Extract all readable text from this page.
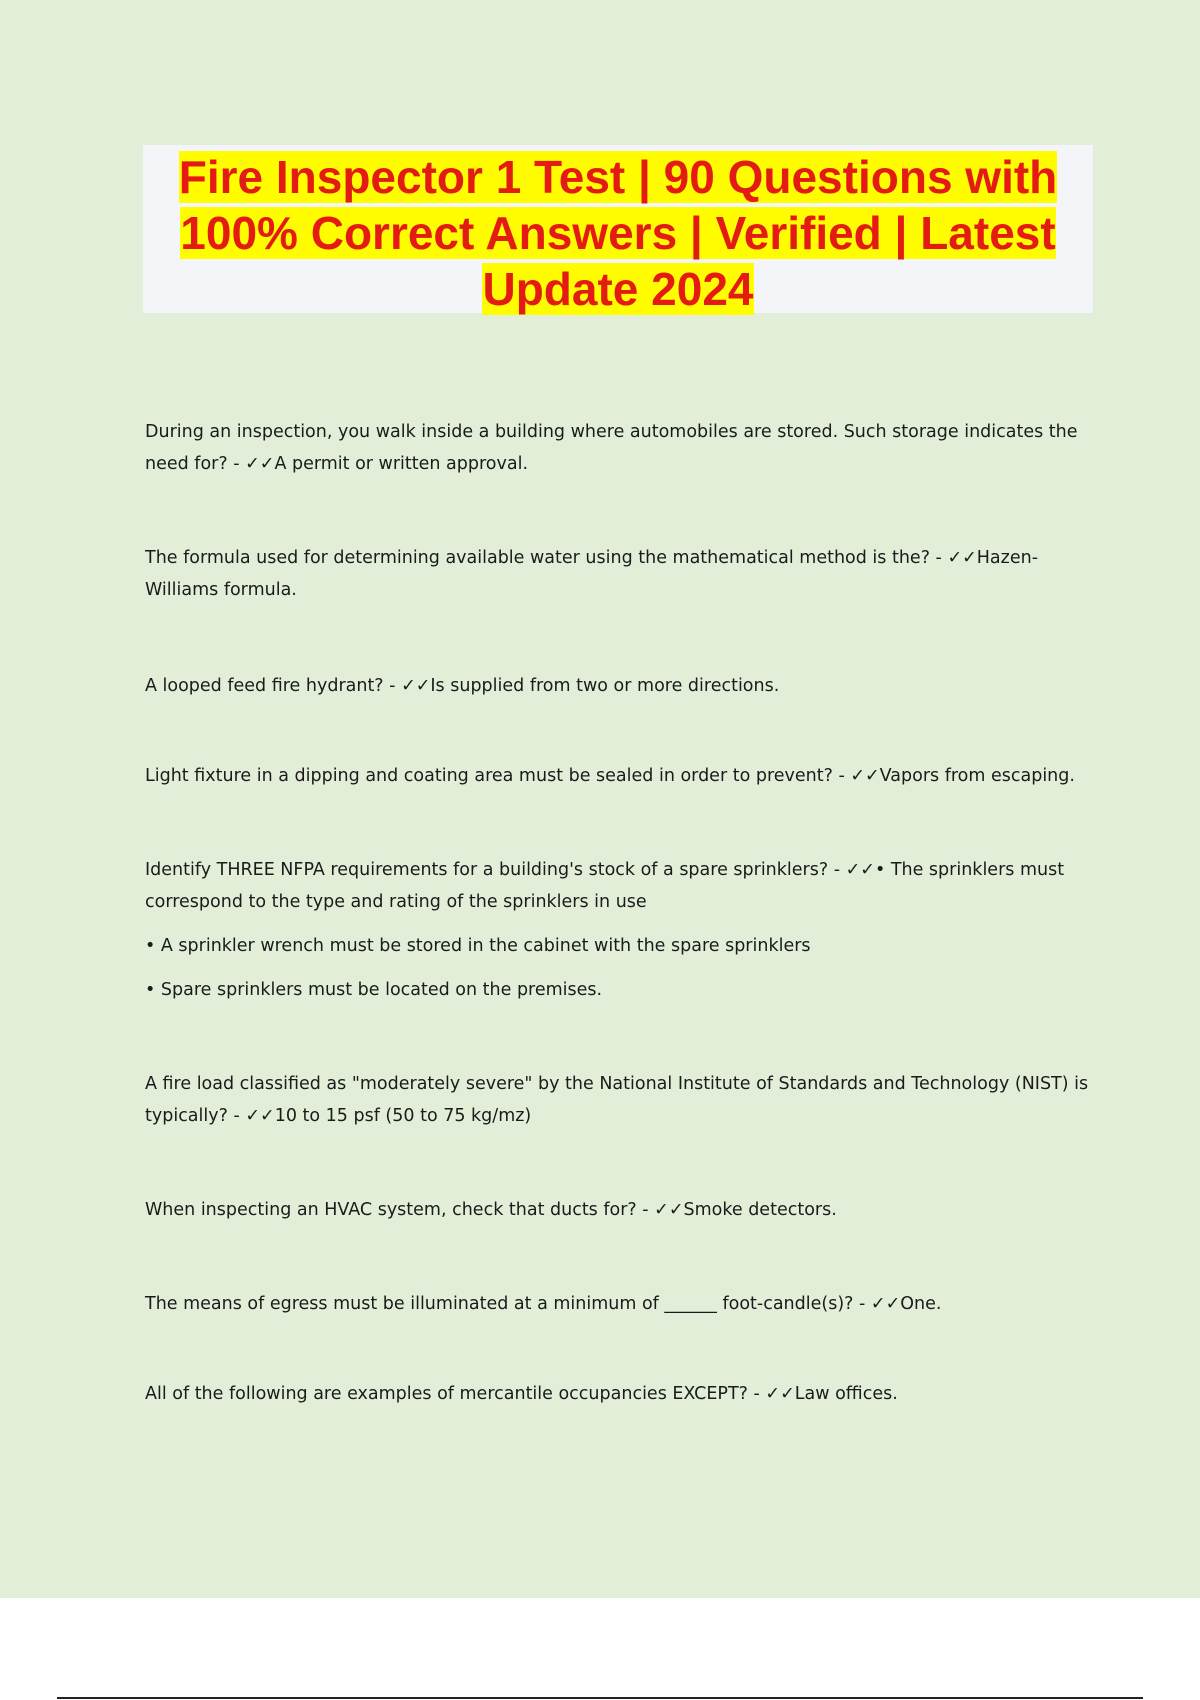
Fire Inspector 1 Test | 90 Questions with 100% Correct Answers | Verified | Latest Update 2024

During an inspection, you walk inside a building where automobiles are stored. Such storage indicates the need for? - ✓✓A permit or written approval.

The formula used for determining available water using the mathematical method is the? - ✓✓Hazen-Williams formula.

A looped feed fire hydrant? - ✓✓Is supplied from two or more directions.

Light fixture in a dipping and coating area must be sealed in order to prevent? - ✓✓Vapors from escaping.

Identify THREE NFPA requirements for a building's stock of a spare sprinklers? - ✓✓• The sprinklers must correspond to the type and rating of the sprinklers in use

• A sprinkler wrench must be stored in the cabinet with the spare sprinklers

• Spare sprinklers must be located on the premises.

A fire load classified as "moderately severe" by the National Institute of Standards and Technology (NIST) is typically? - ✓✓10 to 15 psf (50 to 75 kg/mz)

When inspecting an HVAC system, check that ducts for? - ✓✓Smoke detectors.

The means of egress must be illuminated at a minimum of ______ foot-candle(s)? - ✓✓One.

All of the following are examples of mercantile occupancies EXCEPT? - ✓✓Law offices.
